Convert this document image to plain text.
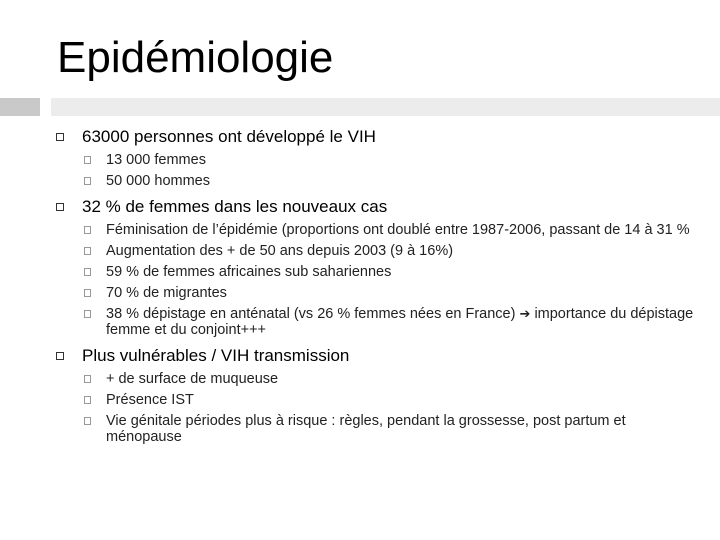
Epidémiologie
63000 personnes ont développé le VIH
13 000 femmes
50 000 hommes
32 % de femmes dans les nouveaux cas
Féminisation de l’épidémie (proportions ont doublé entre 1987-2006, passant de 14 à 31 %
Augmentation des + de 50 ans depuis 2003 (9 à 16%)
59 % de femmes africaines sub sahariennes
70 % de migrantes
38 % dépistage en anténatal (vs 26 % femmes nées en France) ➔ importance du dépistage femme et du conjoint+++
Plus vulnérables / VIH transmission
+ de surface de muqueuse
Présence IST
Vie génitale périodes plus à risque : règles, pendant la grossesse, post partum et ménopause
